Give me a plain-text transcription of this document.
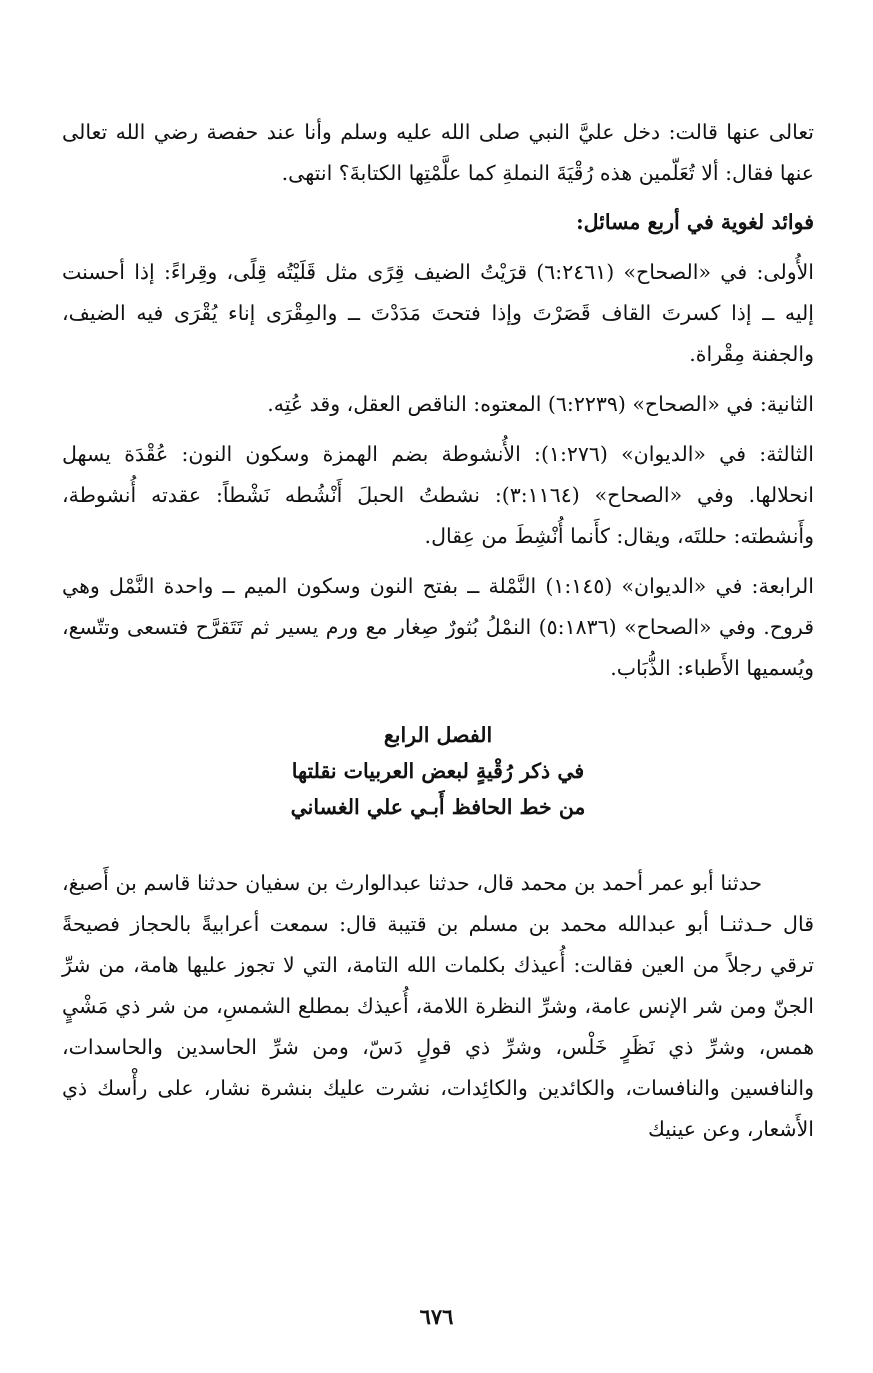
تعالى عنها قالت: دخل عليَّ النبي صلى الله عليه وسلم وأنا عند حفصة رضي الله تعالى عنها فقال: ألا تُعَلّمين هذه رُقْيَةَ النملةِ كما علَّمْتِها الكتابةَ؟ انتهى.

فوائد لغوية في أربع مسائل:

الأُولى: في «الصحاح» (٦:٢٤٦١) قرَيْتُ الضيف قِرًى مثل قَلَيْتُه قِلًى، وقِراءً: إذا أحسنت إليه ــ إذا كسرتَ القاف قَصَرْتَ وإذا فتحتَ مَدَدْتَ ــ والمِقْرَى إناء يُقْرَى فيه الضيف، والجفنة مِقْراة.

الثانية: في «الصحاح» (٦:٢٢٣٩) المعتوه: الناقص العقل، وقد عُتِه.

الثالثة: في «الديوان» (١:٢٧٦): الأُنشوطة بضم الهمزة وسكون النون: عُقْدَة يسهل انحلالها. وفي «الصحاح» (٣:١١٦٤): نشطتُ الحبلَ أَنْشُطه نَشْطاً: عقدته أُنشوطة، وأَنشطته: حللتَه، ويقال: كأَنما أُنْشِطَ من عِقال.

الرابعة: في «الديوان» (١:١٤٥) النَّمْلة ــ بفتح النون وسكون الميم ــ واحدة النَّمْل وهي قروح. وفي «الصحاح» (٥:١٨٣٦) النمْلُ بُثورٌ صِغار مع ورم يسير ثم تَتَقرَّح فتسعى وتتّسع، ويُسميها الأَطباء: الذُّبَاب.

الفصل الرابع
في ذكر رُقْيةٍ لبعض العربيات نقلتها
من خط الحافظ أَبـي علي الغساني

حدثنا أبو عمر أحمد بن محمد قال، حدثنا عبدالوارث بن سفيان حدثنا قاسم بن أَصبغ، قال حـدثنـا أبو عبدالله محمد بن مسلم بن قتيبة قال: سمعت أعرابيةً بالحجاز فصيحةً ترقي رجلاً من العين فقالت: أُعيذك بكلمات الله التامة، التي لا تجوز عليها هامة، من شرِّ الجنّ ومن شر الإنس عامة، وشرِّ النظرة اللامة، أُعيذك بمطلع الشمسِ، من شر ذي مَشْيٍ همس، وشرِّ ذي نَظَرٍ خَلْس، وشرِّ ذي قولٍ دَسّ، ومن شرِّ الحاسدين والحاسدات، والنافسين والنافسات، والكائدين والكائِدات، نشرت عليك بنشرة نشار، على رأْسك ذي الأَشعار، وعن عينيك

٦٧٦
